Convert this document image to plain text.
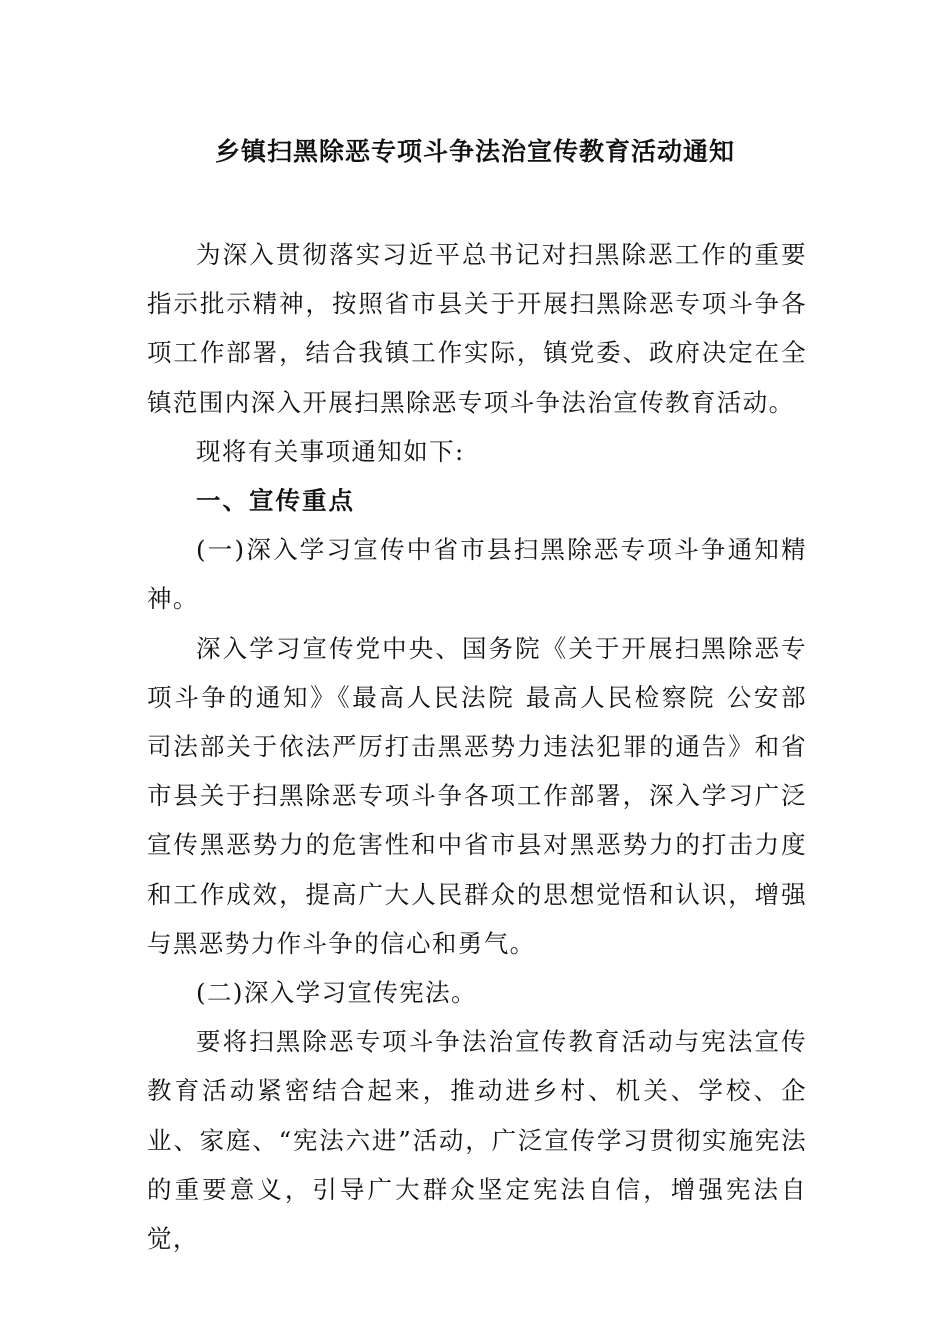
乡镇扫黑除恶专项斗争法治宣传教育活动通知

为深入贯彻落实习近平总书记对扫黑除恶工作的重要指示批示精神，按照省市县关于开展扫黑除恶专项斗争各项工作部署，结合我镇工作实际，镇党委、政府决定在全镇范围内深入开展扫黑除恶专项斗争法治宣传教育活动。

现将有关事项通知如下:

一、宣传重点

(一)深入学习宣传中省市县扫黑除恶专项斗争通知精神。

深入学习宣传党中央、国务院《关于开展扫黑除恶专项斗争的通知》《最高人民法院 最高人民检察院 公安部 司法部关于依法严厉打击黑恶势力违法犯罪的通告》和省市县关于扫黑除恶专项斗争各项工作部署，深入学习广泛宣传黑恶势力的危害性和中省市县对黑恶势力的打击力度和工作成效，提高广大人民群众的思想觉悟和认识，增强与黑恶势力作斗争的信心和勇气。

(二)深入学习宣传宪法。

要将扫黑除恶专项斗争法治宣传教育活动与宪法宣传教育活动紧密结合起来，推动进乡村、机关、学校、企业、家庭、“宪法六进”活动，广泛宣传学习贯彻实施宪法的重要意义，引导广大群众坚定宪法自信，增强宪法自觉，
